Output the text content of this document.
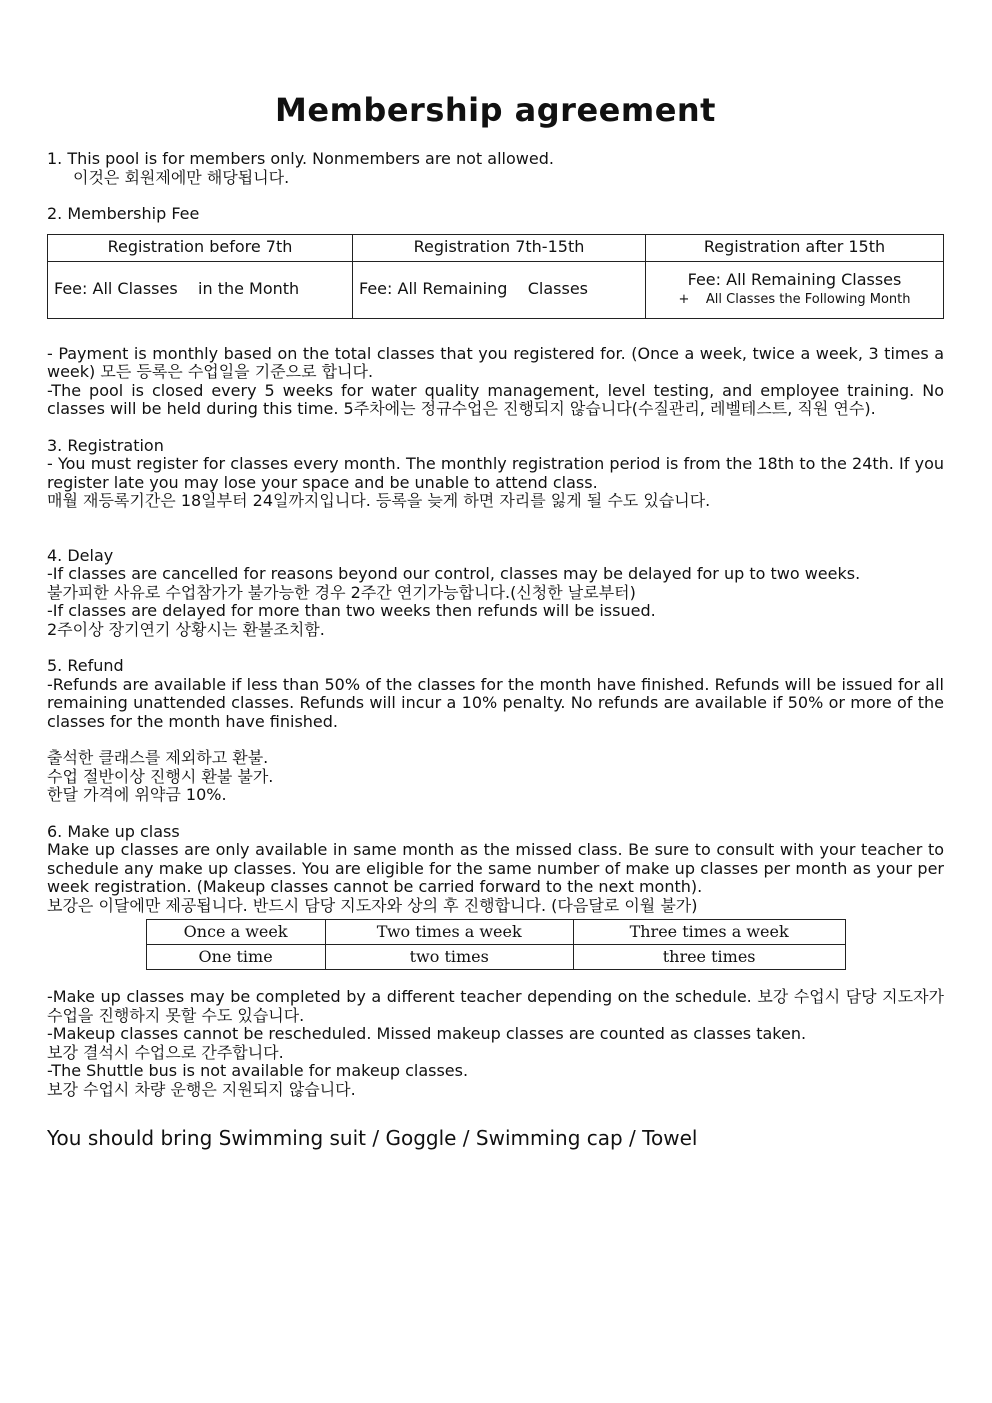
Membership agreement

1. This pool is for members only. Nonmembers are not allowed.

이것은 회원제에만 해당됩니다.

2. Membership Fee

Registration before 7th	Registration 7th-15th	Registration after 15th
Fee: All Classes    in the Month	Fee: All Remaining    Classes	Fee: All Remaining Classes
+    All Classes the Following Month

- Payment is monthly based on the total classes that you registered for. (Once a week, twice a week, 3 times a week) 모든 등록은 수업일을 기준으로 합니다.

-The pool is closed every 5 weeks for water quality management, level testing, and employee training. No classes will be held during this time. 5주차에는 정규수업은 진행되지 않습니다(수질관리, 레벨테스트, 직원 연수).

3. Registration

- You must register for classes every month. The monthly registration period is from the 18th to the 24th. If you register late you may lose your space and be unable to attend class.

매월 재등록기간은 18일부터 24일까지입니다. 등록을 늦게 하면 자리를 잃게 될 수도 있습니다.

4. Delay

-If classes are cancelled for reasons beyond our control, classes may be delayed for up to two weeks.

불가피한 사유로 수업참가가 불가능한 경우 2주간 연기가능합니다.(신청한 날로부터)

-If classes are delayed for more than two weeks then refunds will be issued.

2주이상 장기연기 상황시는 환불조치함.

5. Refund

-Refunds are available if less than 50% of the classes for the month have finished. Refunds will be issued for all remaining unattended classes. Refunds will incur a 10% penalty. No refunds are available if 50% or more of the classes for the month have finished.

출석한 클래스를 제외하고 환불.

수업 절반이상 진행시 환불 불가.

한달 가격에 위약금 10%.

6. Make up class

Make up classes are only available in same month as the missed class. Be sure to consult with your teacher to schedule any make up classes. You are eligible for the same number of make up classes per month as your per week registration. (Makeup classes cannot be carried forward to the next month).

보강은 이달에만 제공됩니다. 반드시 담당 지도자와 상의 후 진행합니다. (다음달로 이월 불가)

Once a week	Two times a week	Three times a week
One time	two times	three times

-Make up classes may be completed by a different teacher depending on the schedule. 보강 수업시 담당 지도자가 수업을 진행하지 못할 수도 있습니다.

-Makeup classes cannot be rescheduled. Missed makeup classes are counted as classes taken.

보강 결석시 수업으로 간주합니다.

-The Shuttle bus is not available for makeup classes.

보강 수업시 차량 운행은 지원되지 않습니다.

You should bring Swimming suit / Goggle / Swimming cap / Towel
